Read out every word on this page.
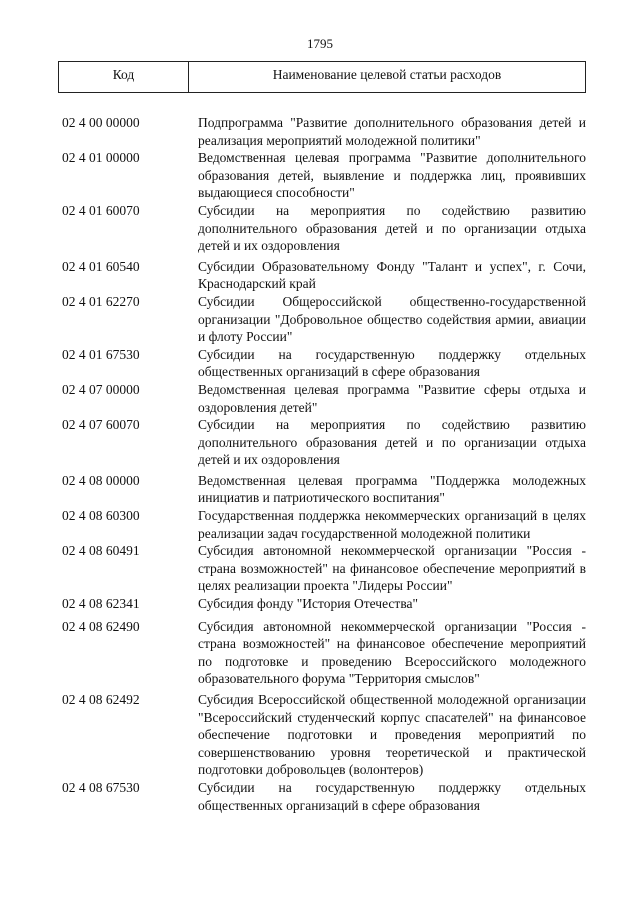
1795
Код	Наименование целевой статьи расходов
02 4 00 00000	Подпрограмма "Развитие дополнительного образования детей и реализация мероприятий молодежной политики"
02 4 01 00000	Ведомственная целевая программа "Развитие дополнительного образования детей, выявление и поддержка лиц, проявивших выдающиеся способности"
02 4 01 60070	Субсидии на мероприятия по содействию развитию дополнительного образования детей и по организации отдыха детей и их оздоровления
02 4 01 60540	Субсидии Образовательному Фонду "Талант и успех", г. Сочи, Краснодарский край
02 4 01 62270	Субсидии Общероссийской общественно-государственной организации "Добровольное общество содействия армии, авиации и флоту России"
02 4 01 67530	Субсидии на государственную поддержку отдельных общественных организаций в сфере образования
02 4 07 00000	Ведомственная целевая программа "Развитие сферы отдыха и оздоровления детей"
02 4 07 60070	Субсидии на мероприятия по содействию развитию дополнительного образования детей и по организации отдыха детей и их оздоровления
02 4 08 00000	Ведомственная целевая программа "Поддержка молодежных инициатив и патриотического воспитания"
02 4 08 60300	Государственная поддержка некоммерческих организаций в целях реализации задач государственной молодежной политики
02 4 08 60491	Субсидия автономной некоммерческой организации "Россия - страна возможностей" на финансовое обеспечение мероприятий в целях реализации проекта "Лидеры России"
02 4 08 62341	Субсидия фонду "История Отечества"
02 4 08 62490	Субсидия автономной некоммерческой организации "Россия - страна возможностей" на финансовое обеспечение мероприятий по подготовке и проведению Всероссийского молодежного образовательного форума "Территория смыслов"
02 4 08 62492	Субсидия Всероссийской общественной молодежной организации "Всероссийский студенческий корпус спасателей" на финансовое обеспечение подготовки и проведения мероприятий по совершенствованию уровня теоретической и практической подготовки добровольцев (волонтеров)
02 4 08 67530	Субсидии на государственную поддержку отдельных общественных организаций в сфере образования
